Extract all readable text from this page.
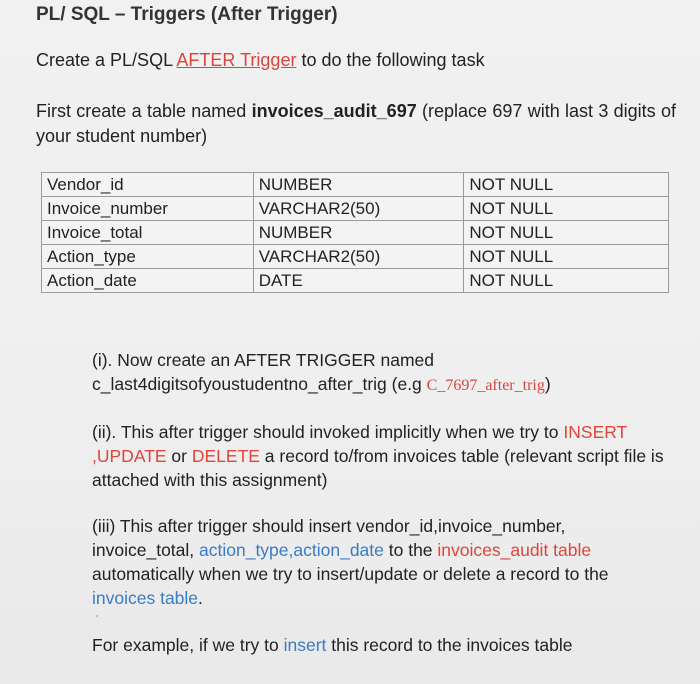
PL/ SQL – Triggers (After Trigger)
Create a PL/SQL AFTER Trigger to do the following task
First create a table named invoices_audit_697 (replace 697 with last 3 digits of your student number)
Vendor_id	NUMBER	NOT NULL
Invoice_number	VARCHAR2(50)	NOT NULL
Invoice_total	NUMBER	NOT NULL
Action_type	VARCHAR2(50)	NOT NULL
Action_date	DATE	NOT NULL
(i). Now create an AFTER TRIGGER named c_last4digitsofyoustudentno_after_trig (e.g C_7697_after_trig)
(ii). This after trigger should invoked implicitly when we try to INSERT ,UPDATE or DELETE a record to/from invoices table (relevant script file is attached with this assignment)
(iii) This after trigger should insert vendor_id,invoice_number, invoice_total, action_type,action_date to the invoices_audit table automatically when we try to insert/update or delete a record to the invoices table.
'
For example, if we try to insert this record to the invoices table
